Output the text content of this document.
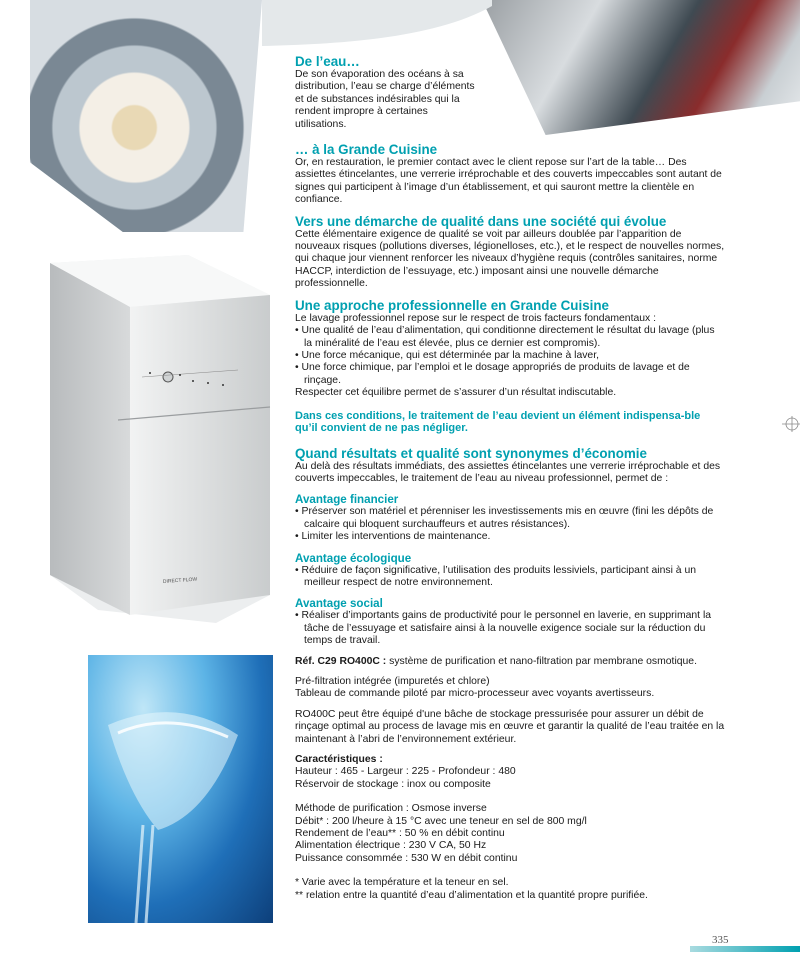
DIRECT FLOW
De l’eau…

De son évaporation des océans à sa distribution, l’eau se charge d’éléments et de substances indésirables qui la rendent impropre à certaines utilisations.

… à la Grande Cuisine

Or, en restauration, le premier contact avec le client repose sur l’art de la table… Des assiettes étincelantes, une verrerie irréprochable et des couverts impeccables sont autant de signes qui participent à l’image d’un établissement, et qui sauront mettre la clientèle en confiance.

Vers une démarche de qualité dans une société qui évolue

Cette élémentaire exigence de qualité se voit par ailleurs doublée par l’apparition de nouveaux risques (pollutions diverses, légionelloses, etc.), et le respect de nouvelles normes, qui chaque jour viennent renforcer les niveaux d’hygiène requis (contrôles sanitaires, norme HACCP, interdiction de l’essuyage, etc.) imposant ainsi une nouvelle démarche professionnelle.

Une approche professionnelle en Grande Cuisine

Le lavage professionnel repose sur le respect de trois facteurs fondamentaux :

• Une qualité de l’eau d’alimentation, qui conditionne directement le résultat du lavage (plus la minéralité de l’eau est élevée, plus ce dernier est compromis).

• Une force mécanique, qui est déterminée par la machine à laver,

• Une force chimique, par l’emploi et le dosage appropriés de produits de lavage et de rinçage.

Respecter cet équilibre permet de s’assurer d’un résultat indiscutable.

Dans ces conditions, le traitement de l’eau devient un élément indispensa-ble qu’il convient de ne pas négliger.

Quand résultats et qualité sont synonymes d’économie

Au delà des résultats immédiats, des assiettes étincelantes une verrerie irréprochable et des couverts impeccables, le traitement de l’eau au niveau professionnel, permet de :

Avantage financier

• Préserver son matériel et pérenniser les investissements mis en œuvre (fini les dépôts de calcaire qui bloquent surchauffeurs et autres résistances).

• Limiter les interventions de maintenance.

Avantage écologique

• Réduire de façon significative, l’utilisation des produits lessiviels, participant ainsi à un meilleur respect de notre environnement.

Avantage social

• Réaliser d’importants gains de productivité pour le personnel en laverie, en supprimant la tâche de l’essuyage et satisfaire ainsi à la nouvelle exigence sociale sur la réduction du temps de travail.

Réf. C29 RO400C : système de purification et nano-filtration par membrane osmotique.

Pré-filtration intégrée (impuretés et chlore)

Tableau de commande piloté par micro-processeur avec voyants avertisseurs.

RO400C peut être équipé d'une bâche de stockage pressurisée pour assurer un débit de rinçage optimal au process de lavage mis en œuvre et garantir la qualité de l’eau traitée en la maintenant à l’abri de l’environnement extérieur.

Caractéristiques :

Hauteur : 465 - Largeur : 225 - Profondeur : 480

Réservoir de stockage : inox ou composite

Méthode de purification : Osmose inverse

Débit* : 200 l/heure à 15 °C avec une teneur en sel de 800 mg/l

Rendement de l’eau** : 50 % en débit continu

Alimentation électrique : 230 V CA, 50 Hz

Puissance consommée : 530 W en débit continu

* Varie avec la température et la teneur en sel.

** relation entre la quantité d’eau d’alimentation et la quantité propre purifiée.

335
